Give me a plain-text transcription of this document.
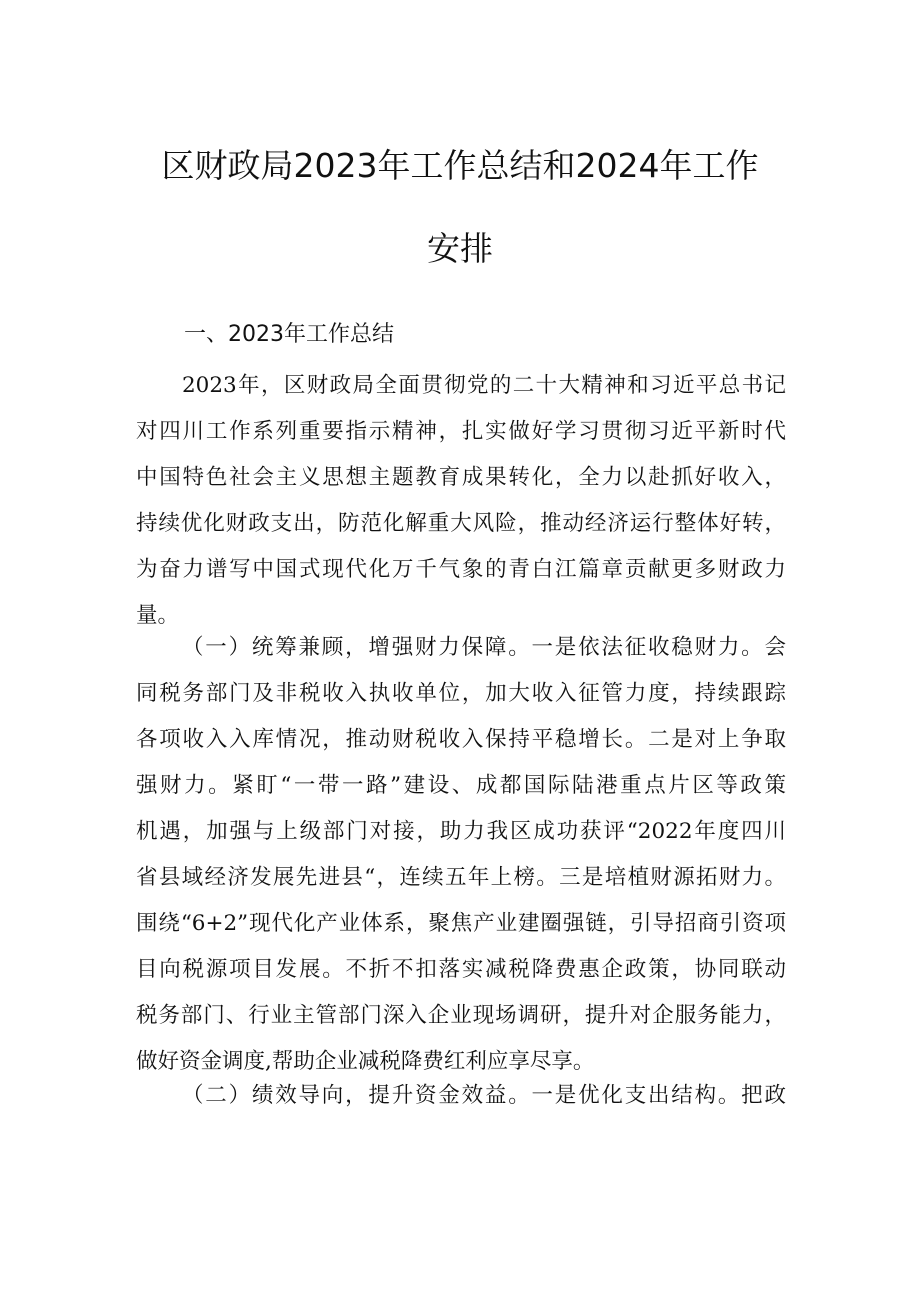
区财政局2023年工作总结和2024年工作
安排
一、2023年工作总结
2023年，区财政局全面贯彻党的二十大精神和习近平总书记
对四川工作系列重要指示精神，扎实做好学习贯彻习近平新时代
中国特色社会主义思想主题教育成果转化，全力以赴抓好收入，
持续优化财政支出，防范化解重大风险，推动经济运行整体好转，
为奋力谱写中国式现代化万千气象的青白江篇章贡献更多财政力
量。
（一）统筹兼顾，增强财力保障。一是依法征收稳财力。会
同税务部门及非税收入执收单位，加大收入征管力度，持续跟踪
各项收入入库情况，推动财税收入保持平稳增长。二是对上争取
强财力。紧盯“一带一路”建设、成都国际陆港重点片区等政策
机遇，加强与上级部门对接，助力我区成功获评“2022年度四川
省县域经济发展先进县“，连续五年上榜。三是培植财源拓财力。
围绕“6+2”现代化产业体系，聚焦产业建圈强链，引导招商引资项
目向税源项目发展。不折不扣落实减税降费惠企政策，协同联动
税务部门、行业主管部门深入企业现场调研，提升对企服务能力，
做好资金调度,帮助企业减税降费红利应享尽享。
（二）绩效导向，提升资金效益。一是优化支出结构。把政
